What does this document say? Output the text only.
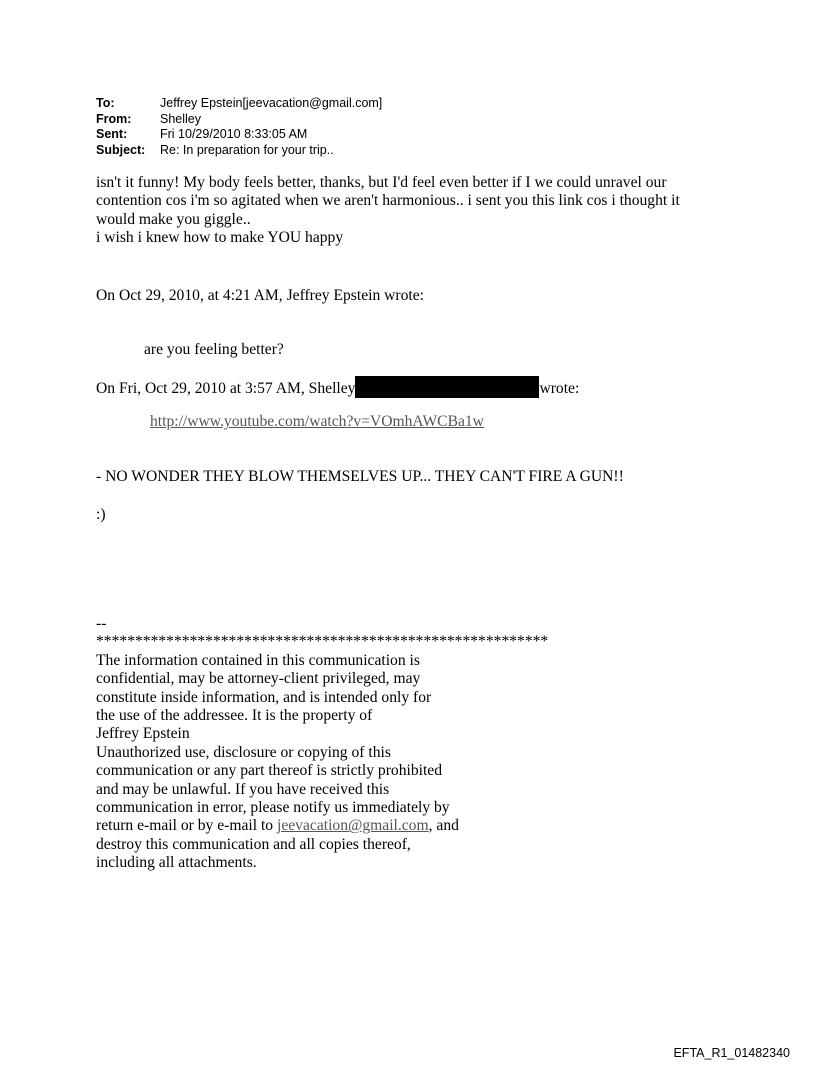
To:	Jeffrey Epstein[jeevacation@gmail.com]
From:	Shelley
Sent:	Fri 10/29/2010 8:33:05 AM
Subject:	Re: In preparation for your trip..
isn't it funny! My body feels better, thanks, but I'd feel even better if I we could unravel our
contention cos i'm so agitated when we aren't harmonious.. i sent you this link cos i thought it
would make you giggle..
i wish i knew how to make YOU happy
On Oct 29, 2010, at 4:21 AM, Jeffrey Epstein wrote:
are you feeling better?
On Fri, Oct 29, 2010 at 3:57 AM, Shelley	wrote:
http://www.youtube.com/watch?v=VOmhAWCBa1w
- NO WONDER THEY BLOW THEMSELVES UP... THEY CAN'T FIRE A GUN!!
:)
--
**********************************************************
The information contained in this communication is
confidential, may be attorney-client privileged, may
constitute inside information, and is intended only for
the use of the addressee. It is the property of
Jeffrey Epstein
Unauthorized use, disclosure or copying of this
communication or any part thereof is strictly prohibited
and may be unlawful. If you have received this
communication in error, please notify us immediately by
return e-mail or by e-mail to jeevacation@gmail.com, and
destroy this communication and all copies thereof,
including all attachments.
EFTA_R1_01482340
